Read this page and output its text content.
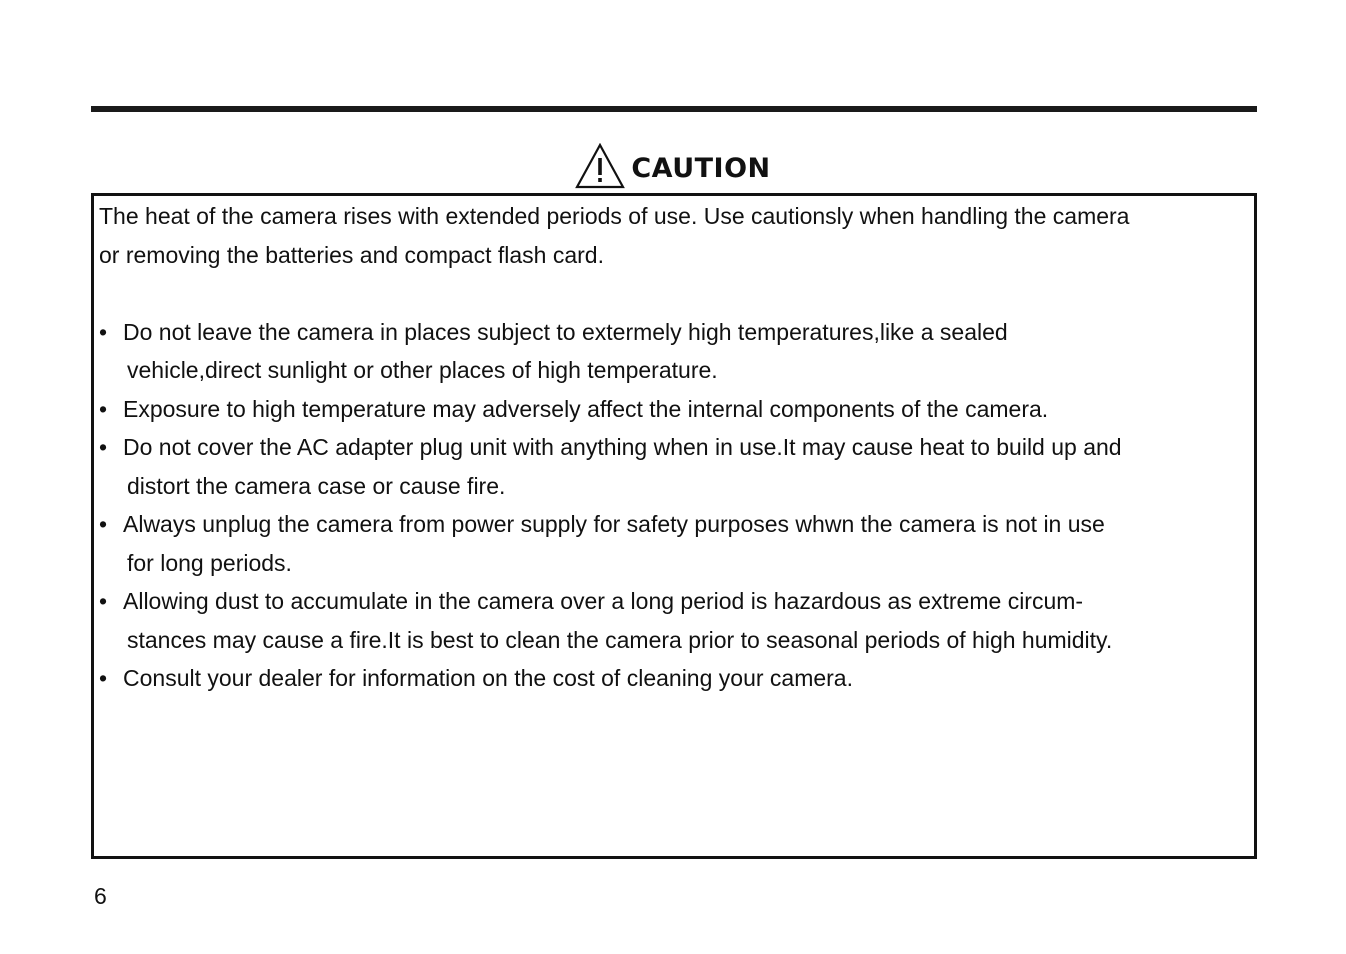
CAUTION
The heat of the camera rises with extended periods of use. Use cautionsly when handling the camera
or removing the batteries and compact flash card.
• Do not leave the camera in places subject to extermely high temperatures,like a sealed
vehicle,direct sunlight or other places of high temperature.
• Exposure to high temperature may adversely affect the internal components of the camera.
• Do not cover the AC adapter plug unit with anything when in use.It may cause heat to build up and
distort the camera case or cause fire.
• Always unplug the camera from power supply for safety purposes whwn the camera is not in use
for long periods.
• Allowing dust to accumulate in the camera over a long period is hazardous as extreme circum-
stances may cause a fire.It is best to clean the camera prior to seasonal periods of high humidity.
• Consult your dealer for information on the cost of cleaning your camera.
6
